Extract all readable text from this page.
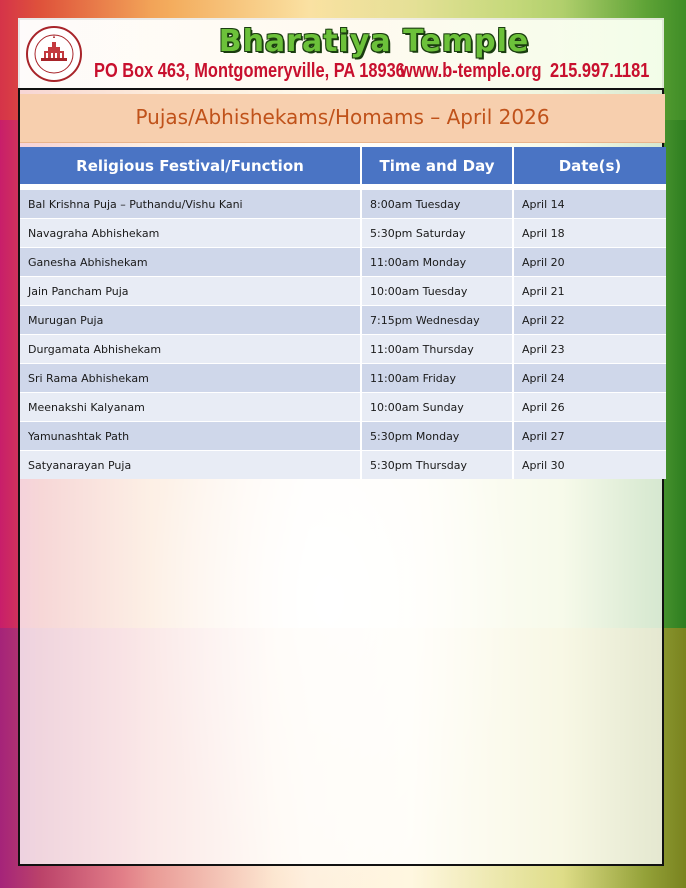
Bharatiya Temple
PO Box 463, Montgomeryville, PA 18936
www.b-temple.org 215.997.1181
Pujas/Abhishekams/Homams – April 2026
Religious Festival/Function	Time and Day	Date(s)

Bal Krishna Puja – Puthandu/Vishu Kani	8:00am Tuesday	April 14
Navagraha Abhishekam	5:30pm Saturday	April 18
Ganesha Abhishekam	11:00am Monday	April 20
Jain Pancham Puja	10:00am Tuesday	April 21
Murugan Puja	7:15pm Wednesday	April 22
Durgamata Abhishekam	11:00am Thursday	April 23
Sri Rama Abhishekam	11:00am Friday	April 24
Meenakshi Kalyanam	10:00am Sunday	April 26
Yamunashtak Path	5:30pm Monday	April 27
Satyanarayan Puja	5:30pm Thursday	April 30
